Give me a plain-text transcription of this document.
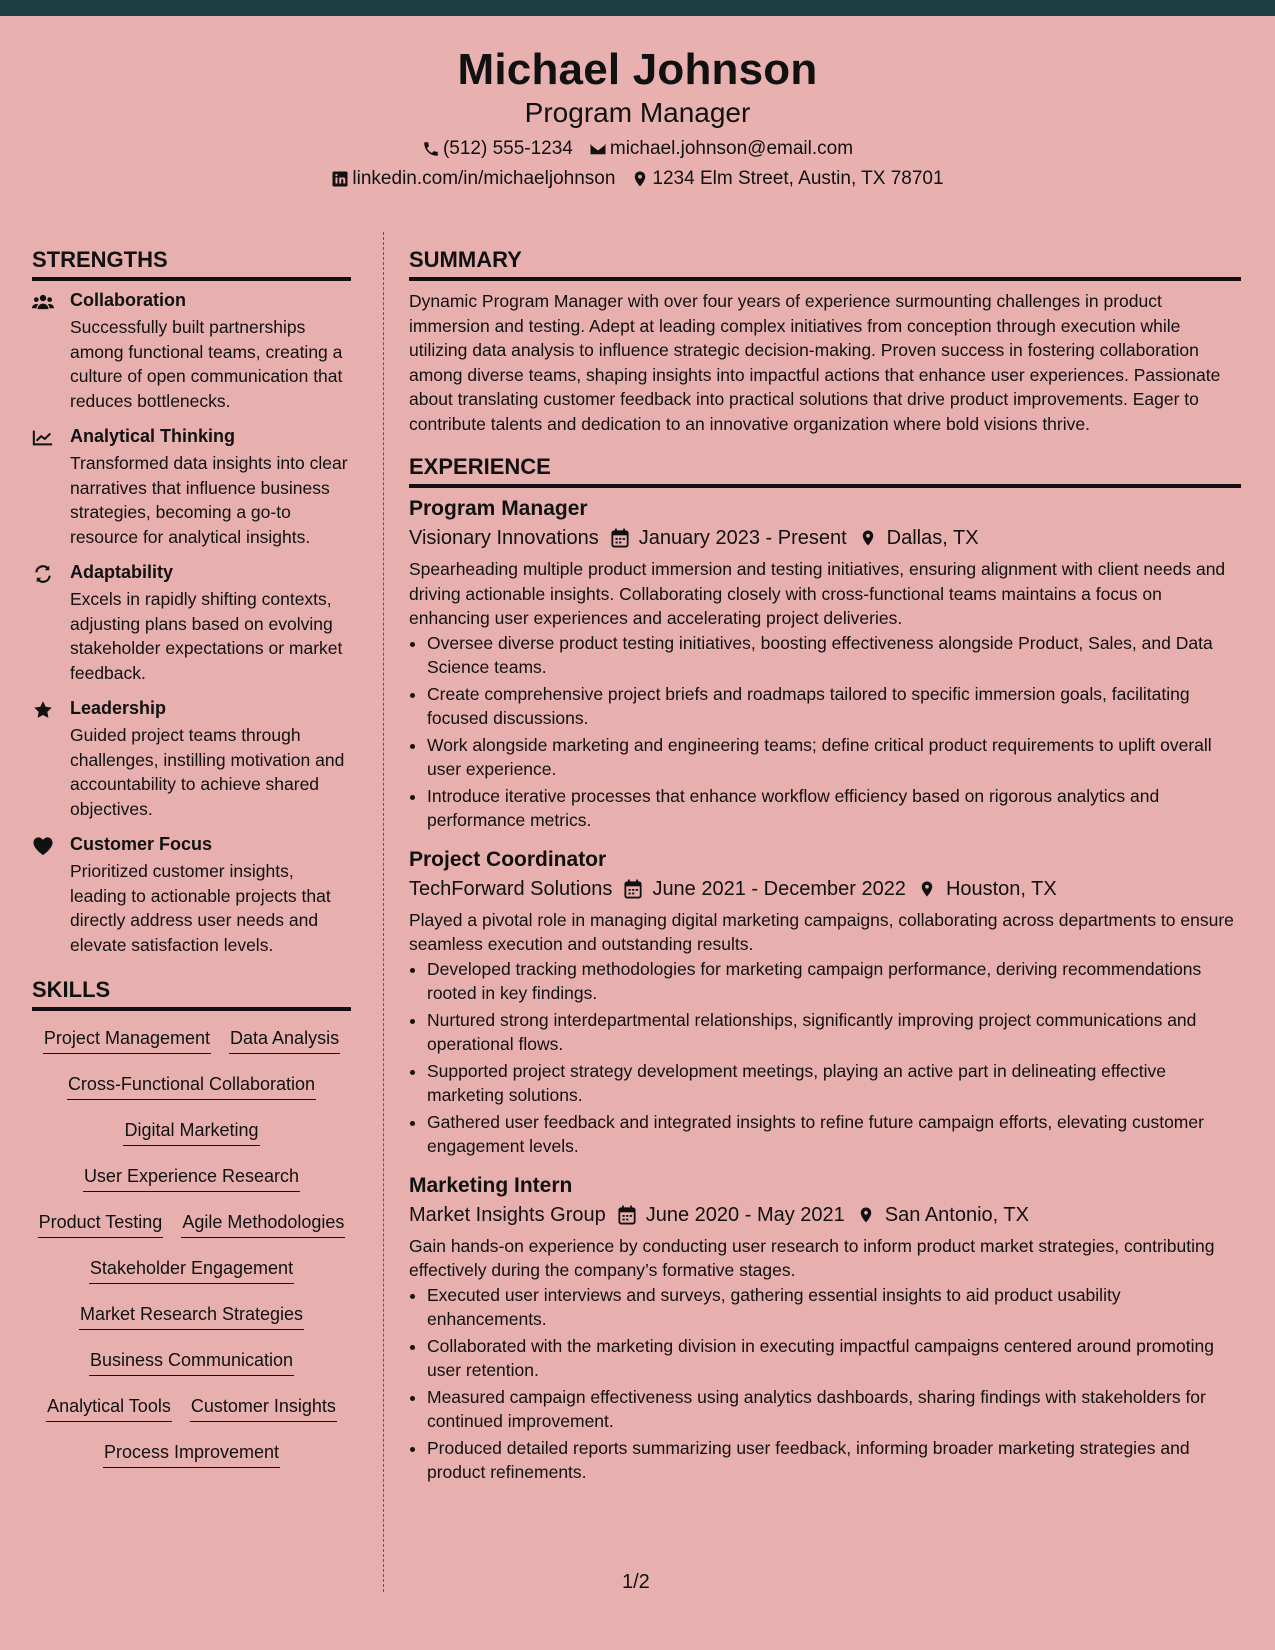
Michael Johnson
Program Manager
(512) 555-1234 michael.johnson@email.com
linkedin.com/in/michaeljohnson 1234 Elm Street, Austin, TX 78701
STRENGTHS
Collaboration
Successfully built partnerships among functional teams, creating a culture of open communication that reduces bottlenecks.
Analytical Thinking
Transformed data insights into clear narratives that influence business strategies, becoming a go-to resource for analytical insights.
Adaptability
Excels in rapidly shifting contexts, adjusting plans based on evolving stakeholder expectations or market feedback.
Leadership
Guided project teams through challenges, instilling motivation and accountability to achieve shared objectives.
Customer Focus
Prioritized customer insights, leading to actionable projects that directly address user needs and elevate satisfaction levels.
SKILLS
Project Management Data Analysis
Cross-Functional Collaboration
Digital Marketing
User Experience Research
Product Testing Agile Methodologies
Stakeholder Engagement
Market Research Strategies
Business Communication
Analytical Tools Customer Insights
Process Improvement
SUMMARY
Dynamic Program Manager with over four years of experience surmounting challenges in product immersion and testing. Adept at leading complex initiatives from conception through execution while utilizing data analysis to influence strategic decision-making. Proven success in fostering collaboration among diverse teams, shaping insights into impactful actions that enhance user experiences. Passionate about translating customer feedback into practical solutions that drive product improvements. Eager to contribute talents and dedication to an innovative organization where bold visions thrive.
EXPERIENCE
Program Manager
Visionary Innovations January 2023 - Present Dallas, TX
Spearheading multiple product immersion and testing initiatives, ensuring alignment with client needs and driving actionable insights. Collaborating closely with cross-functional teams maintains a focus on enhancing user experiences and accelerating project deliveries.
• Oversee diverse product testing initiatives, boosting effectiveness alongside Product, Sales, and Data Science teams.
• Create comprehensive project briefs and roadmaps tailored to specific immersion goals, facilitating focused discussions.
• Work alongside marketing and engineering teams; define critical product requirements to uplift overall user experience.
• Introduce iterative processes that enhance workflow efficiency based on rigorous analytics and performance metrics.
Project Coordinator
TechForward Solutions June 2021 - December 2022 Houston, TX
Played a pivotal role in managing digital marketing campaigns, collaborating across departments to ensure seamless execution and outstanding results.
• Developed tracking methodologies for marketing campaign performance, deriving recommendations rooted in key findings.
• Nurtured strong interdepartmental relationships, significantly improving project communications and operational flows.
• Supported project strategy development meetings, playing an active part in delineating effective marketing solutions.
• Gathered user feedback and integrated insights to refine future campaign efforts, elevating customer engagement levels.
Marketing Intern
Market Insights Group June 2020 - May 2021 San Antonio, TX
Gain hands-on experience by conducting user research to inform product market strategies, contributing effectively during the company’s formative stages.
• Executed user interviews and surveys, gathering essential insights to aid product usability enhancements.
• Collaborated with the marketing division in executing impactful campaigns centered around promoting user retention.
• Measured campaign effectiveness using analytics dashboards, sharing findings with stakeholders for continued improvement.
• Produced detailed reports summarizing user feedback, informing broader marketing strategies and product refinements.
1/2
